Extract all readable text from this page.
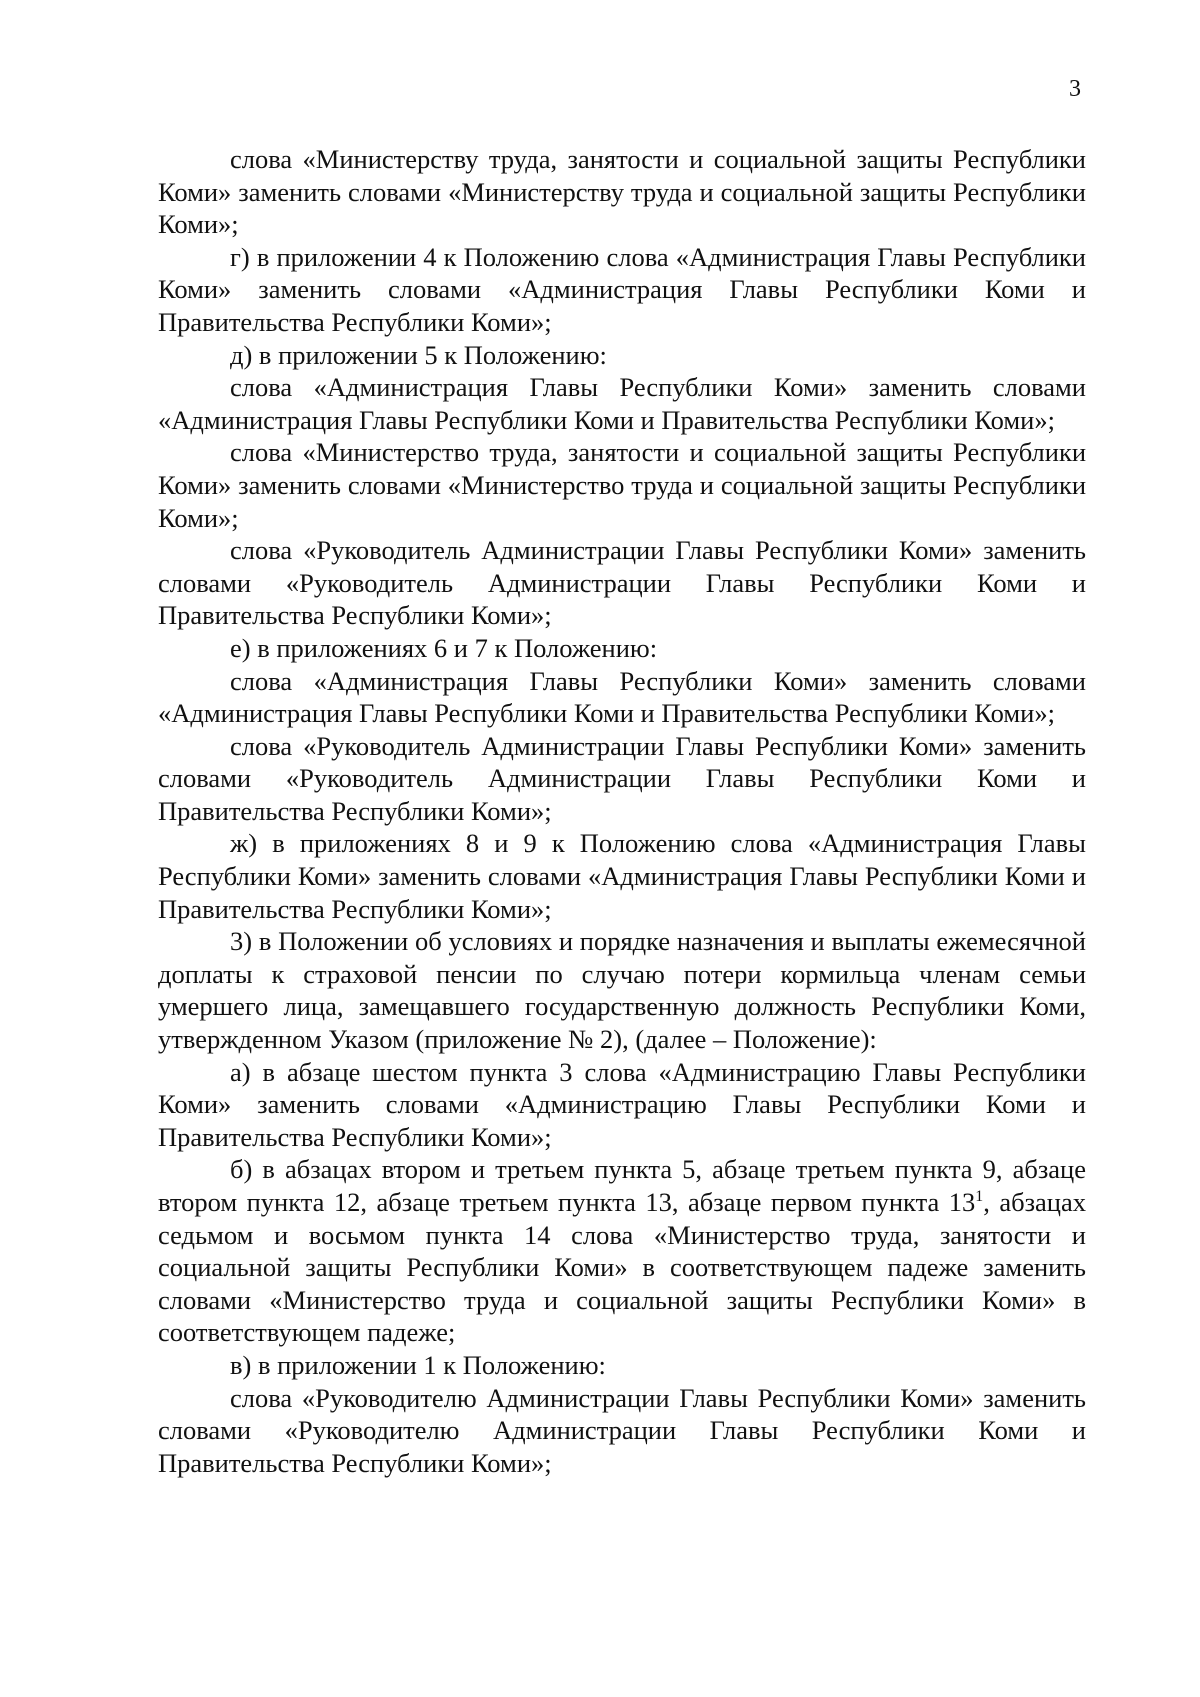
3

слова «Министерству труда, занятости и социальной защиты Республики Коми» заменить словами «Министерству труда и социальной защиты Республики Коми»;

г) в приложении 4 к Положению слова «Администрация Главы Республики Коми» заменить словами «Администрация Главы Республики Коми и Правительства Республики Коми»;

д) в приложении 5 к Положению:

слова «Администрация Главы Республики Коми» заменить словами «Администрация Главы Республики Коми и Правительства Республики Коми»;

слова «Министерство труда, занятости и социальной защиты Республики Коми» заменить словами «Министерство труда и социальной защиты Республики Коми»;

слова «Руководитель Администрации Главы Республики Коми» заменить словами «Руководитель Администрации Главы Республики Коми и Правительства Республики Коми»;

е) в приложениях 6 и 7 к Положению:

слова «Администрация Главы Республики Коми» заменить словами «Администрация Главы Республики Коми и Правительства Республики Коми»;

слова «Руководитель Администрации Главы Республики Коми» заменить словами «Руководитель Администрации Главы Республики Коми и Правительства Республики Коми»;

ж) в приложениях 8 и 9 к Положению слова «Администрация Главы Республики Коми» заменить словами «Администрация Главы Республики Коми и Правительства Республики Коми»;

3) в Положении об условиях и порядке назначения и выплаты ежемесячной доплаты к страховой пенсии по случаю потери кормильца членам семьи умершего лица, замещавшего государственную должность Республики Коми, утвержденном Указом (приложение № 2), (далее – Положение):

а) в абзаце шестом пункта 3 слова «Администрацию Главы Республики Коми» заменить словами «Администрацию Главы Республики Коми и Правительства Республики Коми»;

б) в абзацах втором и третьем пункта 5, абзаце третьем пункта 9, абзаце втором пункта 12, абзаце третьем пункта 13, абзаце первом пункта $13^1$, абзацах седьмом и восьмом пункта 14 слова «Министерство труда, занятости и социальной защиты Республики Коми» в соответствующем падеже заменить словами «Министерство труда и социальной защиты Республики Коми» в соответствующем падеже;

в) в приложении 1 к Положению:

слова «Руководителю Администрации Главы Республики Коми» заменить словами «Руководителю Администрации Главы Республики Коми и Правительства Республики Коми»;
